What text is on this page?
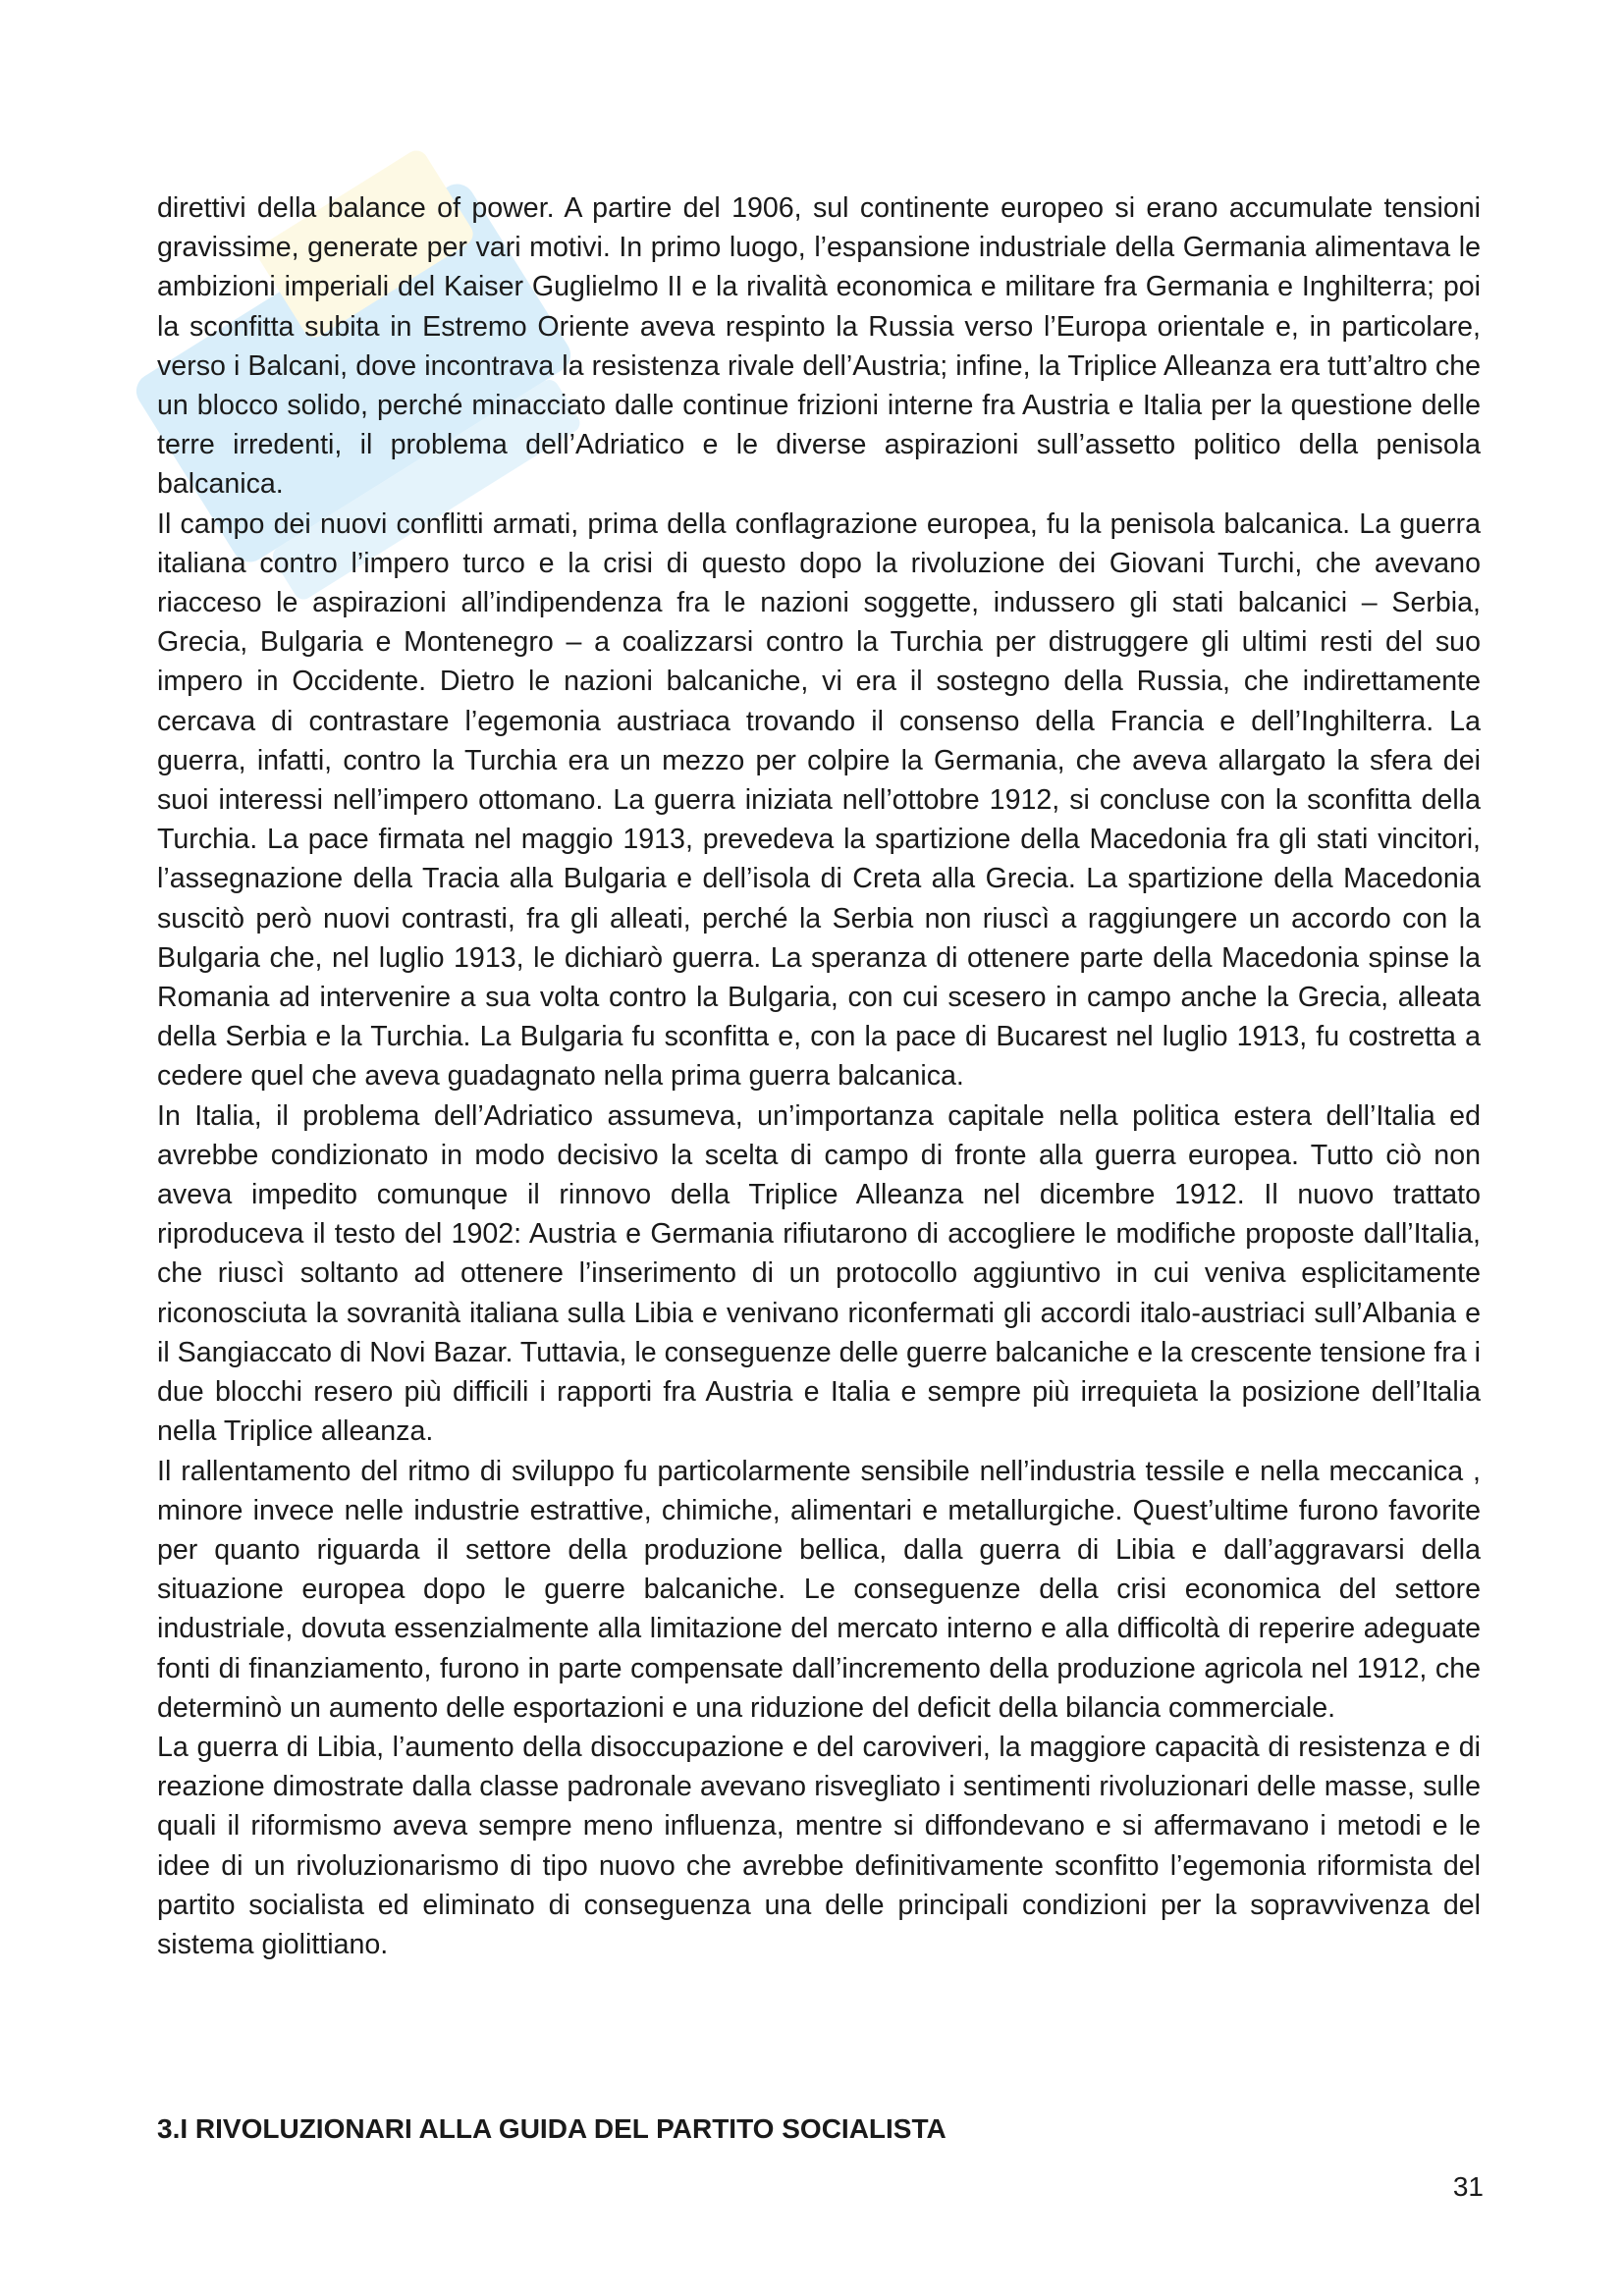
direttivi della balance of power. A partire del 1906, sul continente europeo si erano accumulate tensioni gravissime, generate per vari motivi. In primo luogo, l’espansione industriale della Germania alimentava le ambizioni imperiali del Kaiser Guglielmo II e la rivalità economica e militare fra Germania e Inghilterra; poi la sconfitta subita in Estremo Oriente aveva respinto la Russia verso l’Europa orientale e, in particolare, verso i Balcani, dove incontrava la resistenza rivale dell’Austria; infine, la Triplice Alleanza era tutt’altro che un blocco solido, perché minacciato dalle continue frizioni interne fra Austria e Italia per la questione delle terre irredenti, il problema dell’Adriatico e le diverse aspirazioni sull’assetto politico della penisola balcanica.

Il campo dei nuovi conflitti armati, prima della conflagrazione europea, fu la penisola balcanica. La guerra italiana contro l’impero turco e la crisi di questo dopo la rivoluzione dei Giovani Turchi, che avevano riacceso le aspirazioni all’indipendenza fra le nazioni soggette, indussero gli stati balcanici – Serbia, Grecia, Bulgaria e Montenegro – a coalizzarsi contro la Turchia per distruggere gli ultimi resti del suo impero in Occidente. Dietro le nazioni balcaniche, vi era il sostegno della Russia, che indirettamente cercava di contrastare l’egemonia austriaca trovando il consenso della Francia e dell’Inghilterra. La guerra, infatti, contro la Turchia era un mezzo per colpire la Germania, che aveva allargato la sfera dei suoi interessi nell’impero ottomano. La guerra iniziata nell’ottobre 1912, si concluse con la sconfitta della Turchia. La pace firmata nel maggio 1913, prevedeva la spartizione della Macedonia fra gli stati vincitori, l’assegnazione della Tracia alla Bulgaria e dell’isola di Creta alla Grecia. La spartizione della Macedonia suscitò però nuovi contrasti, fra gli alleati, perché la Serbia non riuscì a raggiungere un accordo con la Bulgaria che, nel luglio 1913, le dichiarò guerra. La speranza di ottenere parte della Macedonia spinse la Romania ad intervenire a sua volta contro la Bulgaria, con cui scesero in campo anche la Grecia, alleata della Serbia e la Turchia. La Bulgaria fu sconfitta e, con la pace di Bucarest nel luglio 1913, fu costretta a cedere quel che aveva guadagnato nella prima guerra balcanica.

In Italia, il problema dell’Adriatico assumeva, un’importanza capitale nella politica estera dell’Italia ed avrebbe condizionato in modo decisivo la scelta di campo di fronte alla guerra europea. Tutto ciò non aveva impedito comunque il rinnovo della Triplice Alleanza nel dicembre 1912. Il nuovo trattato riproduceva il testo del 1902: Austria e Germania rifiutarono di accogliere le modifiche proposte dall’Italia, che riuscì soltanto ad ottenere l’inserimento di un protocollo aggiuntivo in cui veniva esplicitamente riconosciuta la sovranità italiana sulla Libia e venivano riconfermati gli accordi italo-austriaci sull’Albania e il Sangiaccato di Novi Bazar. Tuttavia, le conseguenze delle guerre balcaniche e la crescente tensione fra i due blocchi resero più difficili i rapporti fra Austria e Italia e sempre più irrequieta la posizione dell’Italia nella Triplice alleanza.

Il rallentamento del ritmo di sviluppo fu particolarmente sensibile nell’industria tessile e nella meccanica , minore invece nelle industrie estrattive, chimiche, alimentari e metallurgiche. Quest’ultime furono favorite per quanto riguarda il settore della produzione bellica, dalla guerra di Libia e dall’aggravarsi della situazione europea dopo le guerre balcaniche. Le conseguenze della crisi economica del settore industriale, dovuta essenzialmente alla limitazione del mercato interno e alla difficoltà di reperire adeguate fonti di finanziamento, furono in parte compensate dall’incremento della produzione agricola nel 1912, che determinò un aumento delle esportazioni e una riduzione del deficit della bilancia commerciale.

La guerra di Libia, l’aumento della disoccupazione e del caroviveri, la maggiore capacità di resistenza e di reazione dimostrate dalla classe padronale avevano risvegliato i sentimenti rivoluzionari delle masse, sulle quali il riformismo aveva sempre meno influenza, mentre si diffondevano e si affermavano i metodi e le idee di un rivoluzionarismo di tipo nuovo che avrebbe definitivamente sconfitto l’egemonia riformista del partito socialista ed eliminato di conseguenza una delle principali condizioni per la sopravvivenza del sistema giolittiano.

3.I RIVOLUZIONARI ALLA GUIDA DEL PARTITO SOCIALISTA
31
